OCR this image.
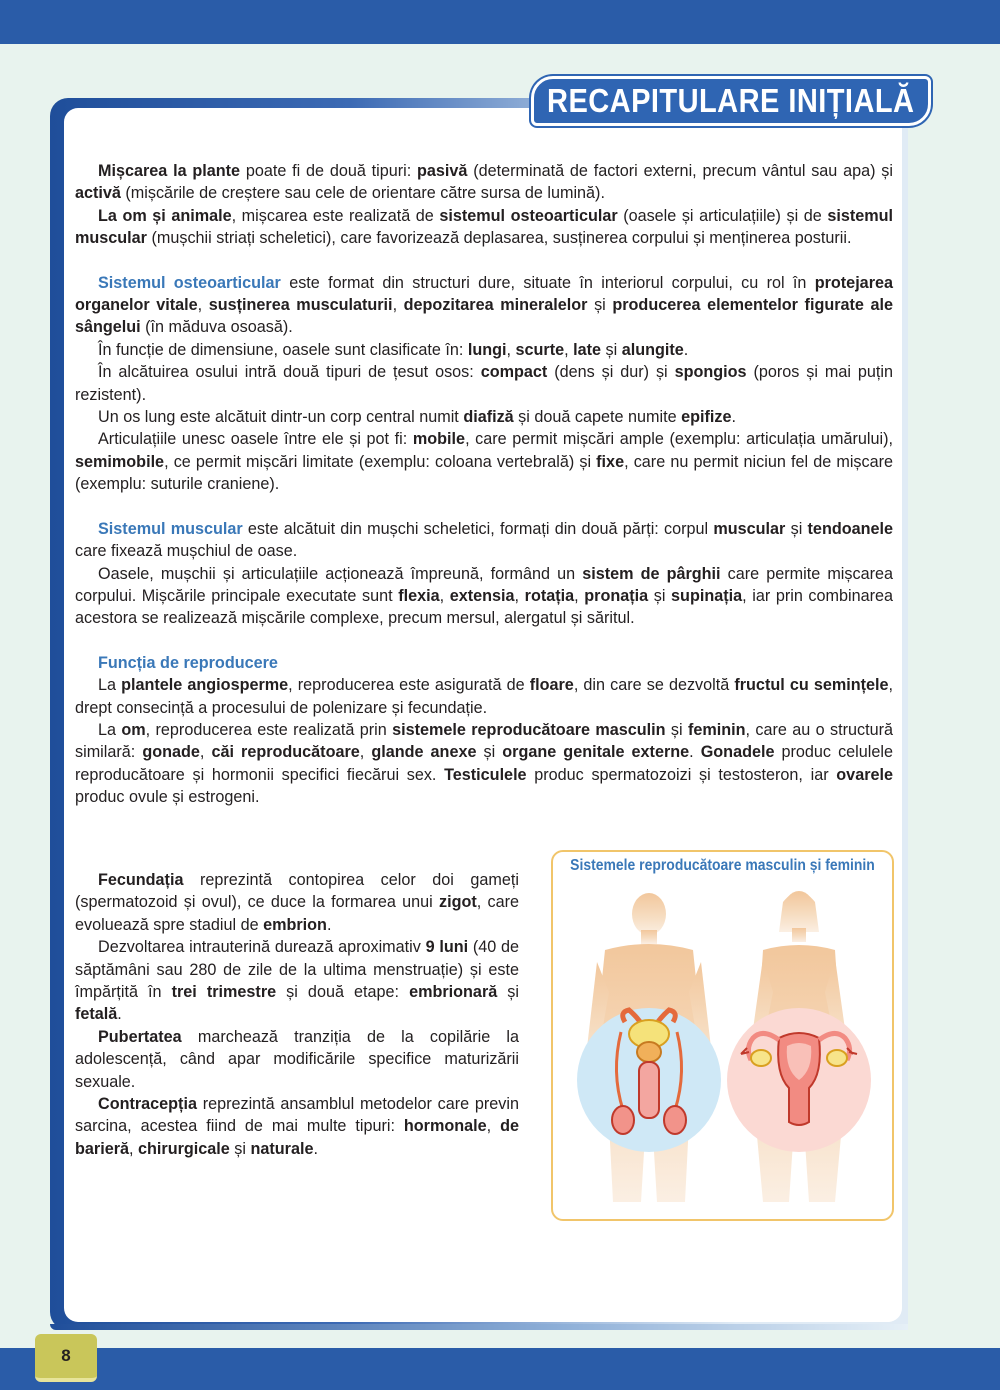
RECAPITULARE INIȚIALĂ

Mișcarea la plante poate fi de două tipuri: pasivă (determinată de factori externi, precum vântul sau apa) și activă (mișcările de creștere sau cele de orientare către sursa de lumină).

La om și animale, mișcarea este realizată de sistemul osteoarticular (oasele și articulațiile) și de sistemul muscular (mușchii striați scheletici), care favorizează deplasarea, susținerea corpului și menținerea posturii.

Sistemul osteoarticular este format din structuri dure, situate în interiorul corpului, cu rol în protejarea organelor vitale, susținerea musculaturii, depozitarea mineralelor și producerea elementelor figurate ale sângelui (în măduva osoasă).

În funcție de dimensiune, oasele sunt clasificate în: lungi, scurte, late și alungite.

În alcătuirea osului intră două tipuri de țesut osos: compact (dens și dur) și spongios (poros și mai puțin rezistent).

Un os lung este alcătuit dintr-un corp central numit diafiză și două capete numite epifize.

Articulațiile unesc oasele între ele și pot fi: mobile, care permit mișcări ample (exemplu: articulația umărului), semimobile, ce permit mișcări limitate (exemplu: coloana vertebrală) și fixe, care nu permit niciun fel de mișcare (exemplu: suturile craniene).

Sistemul muscular este alcătuit din mușchi scheletici, formați din două părți: corpul muscular și tendoanele care fixează mușchiul de oase.

Oasele, mușchii și articulațiile acționează împreună, formând un sistem de pârghii care permite mișcarea corpului. Mișcările principale executate sunt flexia, extensia, rotația, pronația și supinația, iar prin combinarea acestora se realizează mișcările complexe, precum mersul, alergatul și săritul.

Funcția de reproducere

La plantele angiosperme, reproducerea este asigurată de floare, din care se dezvoltă fructul cu semințele, drept consecință a procesului de polenizare și fecundație.

La om, reproducerea este realizată prin sistemele reproducătoare masculin și feminin, care au o structură similară: gonade, căi reproducătoare, glande anexe și organe genitale externe. Gonadele produc celulele reproducătoare și hormonii specifici fiecărui sex. Testiculele produc spermatozoizi și testosteron, iar ovarele produc ovule și estrogeni.

Fecundația reprezintă contopirea celor doi gameți (spermatozoid și ovul), ce duce la formarea unui zigot, care evoluează spre stadiul de embrion.

Dezvoltarea intrauterină durează aproximativ 9 luni (40 de săptămâni sau 280 de zile de la ultima menstruație) și este împărțită în trei trimestre și două etape: embrionară și fetală.

Pubertatea marchează tranziția de la copilărie la adolescență, când apar modificările specifice maturizării sexuale.

Contracepția reprezintă ansamblul metodelor care previn sarcina, acestea fiind de mai multe tipuri: hormonale, de barieră, chirurgicale și naturale.

Sistemele reproducătoare masculin și feminin
8
